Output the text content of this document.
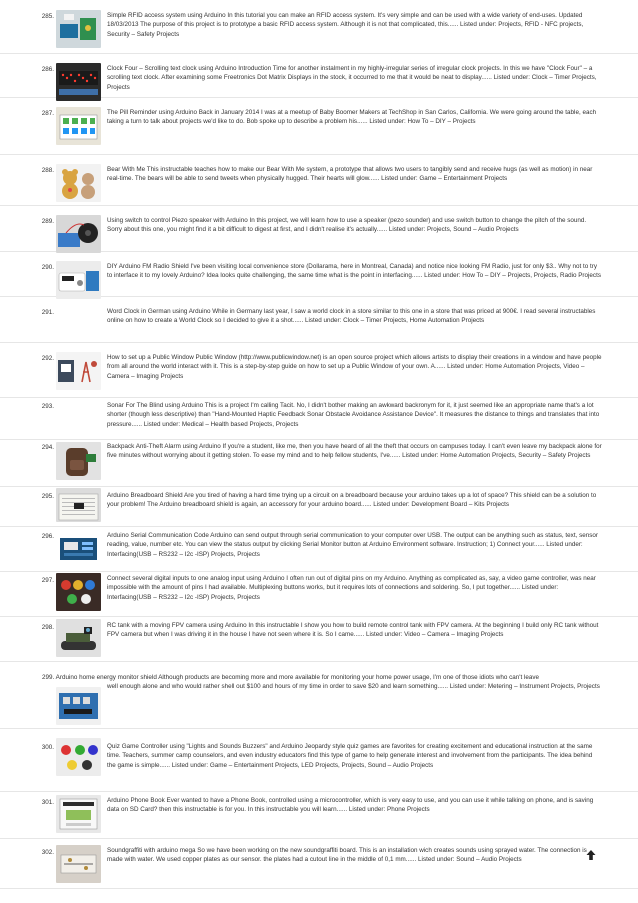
285.	Simple RFID access system using Arduino In this tutorial you can make an RFID access system. It's very simple and can be used with a wide variety of end-uses. Updated 18/03/2013 The purpose of this project is to prototype a basic RFID access system. Although it is not that complicated, this...... Listed under: Projects, RFID - NFC projects, Security – Safety Projects
286.	Clock Four – Scrolling text clock using Arduino Introduction Time for another instalment in my highly-irregular series of irregular clock projects. In this we have "Clock Four" – a scrolling text clock. After examining some Freetronics Dot Matrix Displays in the stock, it occurred to me that it would be neat to display...... Listed under: Clock – Timer Projects, Projects
287.	The Pill Reminder using Arduino Back in January 2014 I was at a meetup of Baby Boomer Makers at TechShop in San Carlos, California. We were going around the table, each taking a turn to talk about projects we'd like to do. Bob spoke up to describe a problem his...... Listed under: How To – DIY – Projects
288.	Bear With Me This instructable teaches how to make our Bear With Me system, a prototype that allows two users to tangibly send and receive hugs (as well as motion) in near real-time. The bears will be able to send tweets when physically hugged. Their hearts will glow...... Listed under: Game – Entertainment Projects
289.	Using switch to control Piezo speaker with Arduino In this project, we will learn how to use a speaker (pezo sounder) and use switch button to change the pitch of the sound. Sorry about this one, you might find it a bit difficult to digest at first, and I didn't realise it's actually...... Listed under: Projects, Sound – Audio Projects
290.	DIY Arduino FM Radio Shield I've been visiting local convenience store (Dollarama, here in Montreal, Canada) and notice nice looking FM Radio, just for only $3.. Why not to try to interface it to my lovely Arduino? Idea looks quite challenging, the same time what is the point in interfacing...... Listed under: How To – DIY – Projects, Projects, Radio Projects
291.	Word Clock in German using Arduino While in Germany last year, I saw a world clock in a store similar to this one in a store that was priced at 900€. I read several instructables online on how to create a World Clock so I decided to give it a shot...... Listed under: Clock – Timer Projects, Home Automation Projects
292.	How to set up a Public Window Public Window (http://www.publicwindow.net) is an open source project which allows artists to display their creations in a window and have people from all around the world interact with it. This is a step-by-step guide on how to set up a Public Window of your own. A...... Listed under: Home Automation Projects, Video – Camera – Imaging Projects
293.	Sonar For The Blind using Arduino This is a project I'm calling Tacit. No, I didn't bother making an awkward backronym for it, it just seemed like an appropriate name that's a lot shorter (though less descriptive) than "Hand-Mounted Haptic Feedback Sonar Obstacle Avoidance Assistance Device". It measures the distance to things and translates that into pressure...... Listed under: Medical – Health based Projects, Projects
294.	Backpack Anti-Theft Alarm using Arduino If you're a student, like me, then you have heard of all the theft that occurs on campuses today. I can't even leave my backpack alone for five minutes without worrying about it getting stolen. To ease my mind and to help fellow students, I've...... Listed under: Home Automation Projects, Security – Safety Projects
295.	Arduino Breadboard Shield Are you tired of having a hard time trying up a circuit on a breadboard because your arduino takes up a lot of space? This shield can be a solution to your problem! The Arduino breadboard shield is again, an accessory for your arduino board...... Listed under: Development Board – Kits Projects
296.	Arduino Serial Communication Code Arduino can send output through serial communication to your computer over USB. The output can be anything such as status, text, sensor reading, value, number etc. You can view the status output by clicking Serial Monitor button at Arduino Environment software. Instruction; 1) Connect your...... Listed under: Interfacing(USB – RS232 – I2c -ISP) Projects, Projects
297.	Connect several digital inputs to one analog input using Arduino I often run out of digital pins on my Arduino. Anything as complicated as, say, a video game controller, was near impossible with the amount of pins I had available. Multiplexing buttons works, but it requires lots of connections and soldering. So, I put together...... Listed under: Interfacing(USB – RS232 – I2c -ISP) Projects, Projects
298.	RC tank with a moving FPV camera using Arduino In this instructable I show you how to build remote control tank with FPV camera. At the beginning I build only RC tank without FPV camera but when I was driving it in the house I have not seen where it is. So I came...... Listed under: Video – Camera – Imaging Projects
299. Arduino home energy monitor shield Although products are becoming more and more available for monitoring your home power usage, I'm one of those idiots who can't leave
well enough alone and who would rather shell out $100 and hours of my time in order to save $20 and learn something...... Listed under: Metering – Instrument Projects, Projects
300.	Quiz Game Controller using "Lights and Sounds Buzzers" and Arduino Jeopardy style quiz games are favorites for creating excitement and educational instruction at the same time. Teachers, summer camp counselors, and even industry educators find this type of game to help generate interest and involvement from the participants. The idea behind the game is simple...... Listed under: Game – Entertainment Projects, LED Projects, Projects, Sound – Audio Projects
301.	Arduino Phone Book Ever wanted to have a Phone Book, controlled using a microcontroller, which is very easy to use, and you can use it while talking on phone, and is saving data on SD Card? then this instructable is for you. In this instructable you will learn...... Listed under: Phone Projects
302.	Soundgraffiti with arduino mega So we have been working on the new soundgraffiti board. This is an installation wich creates sounds using sprayed water. The connection is made with water. We used copper plates as our sensor. the plates had a cutout line in the middle of 0,1 mm...... Listed under: Sound – Audio Projects
